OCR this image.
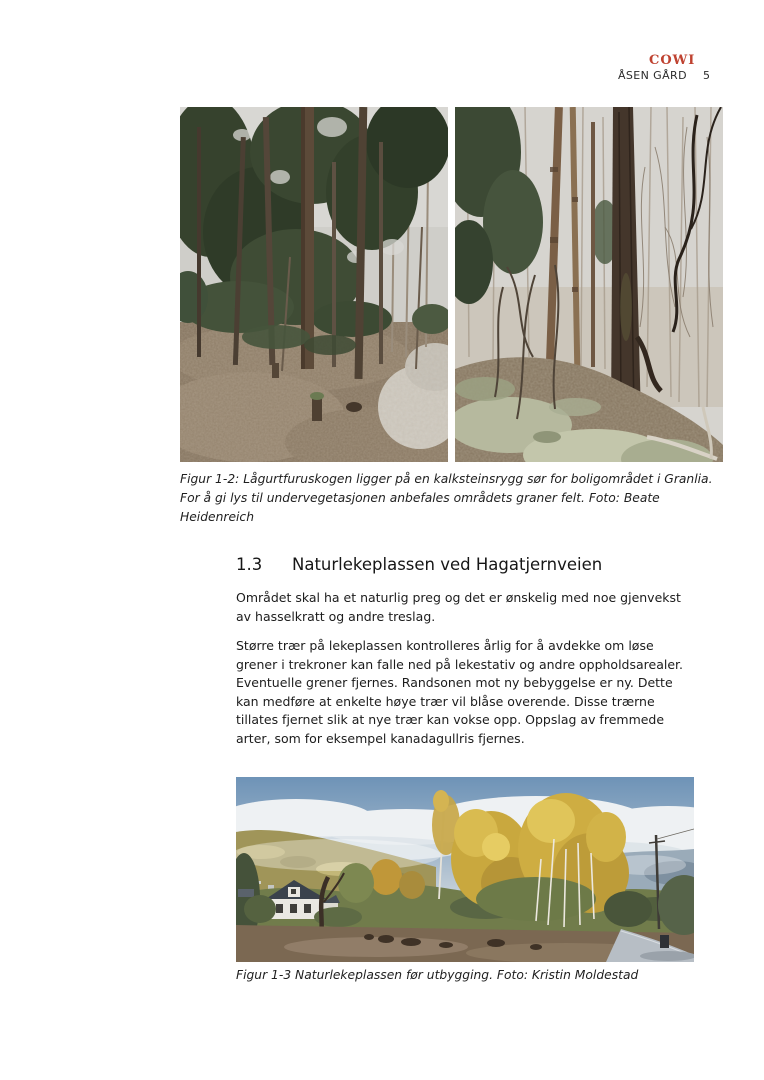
COWI
ÅSEN GÅRD 5
Figur 1-2: Lågurtfuruskogen ligger på en kalksteinsrygg sør for boligområdet i Granlia. For å gi lys til undervegetasjonen anbefales områdets graner felt. Foto: Beate Heidenreich
1.3 Naturlekeplassen ved Hagatjernveien
Området skal ha et naturlig preg og det er ønskelig med noe gjenvekst av hasselkratt og andre treslag.
Større trær på lekeplassen kontrolleres årlig for å avdekke om løse grener i trekroner kan falle ned på lekestativ og andre oppholdsarealer. Eventuelle grener fjernes. Randsonen mot ny bebyggelse er ny. Dette kan medføre at enkelte høye trær vil blåse overende. Disse trærne tillates fjernet slik at nye trær kan vokse opp. Oppslag av fremmede arter, som for eksempel kanadagullris fjernes.
Figur 1-3 Naturlekeplassen før utbygging. Foto: Kristin Moldestad
